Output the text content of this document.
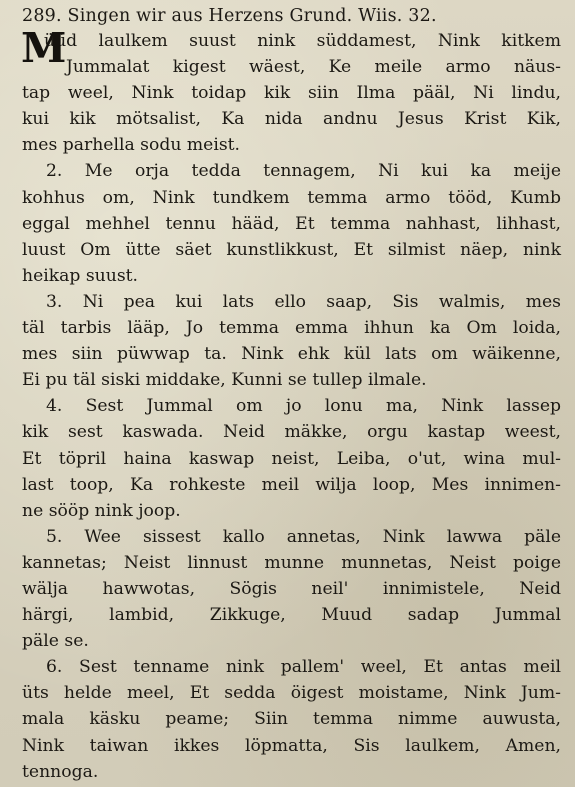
289. Singen wir aus Herzens Grund. Wiis. 32.
M
üüd laulkem suust nink süddamest, Nink kitkem
Jummalat kigest wäest, Ke meile armo näus-
tap weel, Nink toidap kik siin Ilma pääl, Ni lindu,
kui kik mötsalist, Ka nida andnu Jesus Krist Kik,
mes parhella sodu meist.
2. Me orja tedda tennagem, Ni kui ka meije
kohhus om, Nink tundkem temma armo tööd, Kumb
eggal mehhel tennu hääd, Et temma nahhast, lihhast,
luust Om ütte säet kunstlikkust, Et silmist näep, nink
heikap suust.
3. Ni pea kui lats ello saap, Sis walmis, mes
täl tarbis lääp, Jo temma emma ihhun ka Om loida,
mes siin püwwap ta. Nink ehk kül lats om wäikenne,
Ei pu täl siski middake, Kunni se tullep ilmale.
4. Sest Jummal om jo lonu ma, Nink lassep
kik sest kaswada. Neid mäkke, orgu kastap weest,
Et töpril haina kaswap neist, Leiba, o'ut, wina mul-
last toop, Ka rohkeste meil wilja loop, Mes innimen-
ne sööp nink joop.
5. Wee sissest kallo annetas, Nink lawwa päle
kannetas; Neist linnust munne munnetas, Neist poige
wälja hawwotas, Sögis neil' innimistele, Neid
härgi, lambid, Zikkuge, Muud sadap Jummal
päle se.
6. Sest tenname nink pallem' weel, Et antas meil
üts helde meel, Et sedda öigest moistame, Nink Jum-
mala käsku peame; Siin temma nimme auwusta,
Nink taiwan ikkes löpmatta, Sis laulkem, Amen,
tennoga.
